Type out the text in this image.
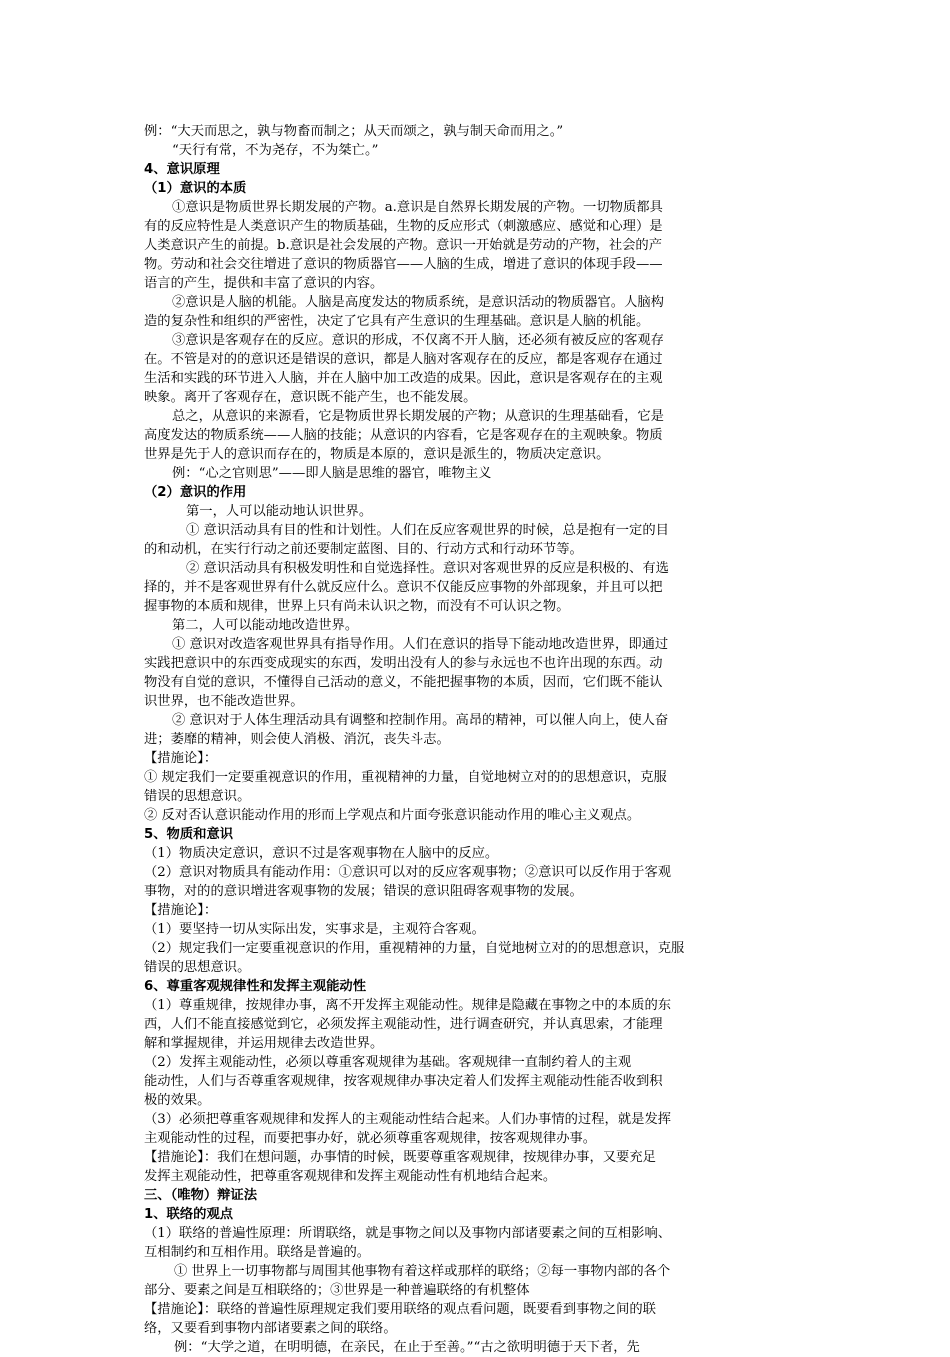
例：“大天而思之，孰与物畜而制之；从天而颂之，孰与制天命而用之。”

“天行有常，不为尧存，不为桀亡。”

4、意识原理

（1）意识的本质

①意识是物质世界长期发展的产物。a.意识是自然界长期发展的产物。一切物质都具

有的反应特性是人类意识产生的物质基础，生物的反应形式（刺激感应、感觉和心理）是

人类意识产生的前提。b.意识是社会发展的产物。意识一开始就是劳动的产物，社会的产

物。劳动和社会交往增进了意识的物质器官——人脑的生成，增进了意识的体现手段——

语言的产生，提供和丰富了意识的内容。

②意识是人脑的机能。人脑是高度发达的物质系统，是意识活动的物质器官。人脑构

造的复杂性和组织的严密性，决定了它具有产生意识的生理基础。意识是人脑的机能。

③意识是客观存在的反应。意识的形成，不仅离不开人脑，还必须有被反应的客观存

在。不管是对的的意识还是错误的意识，都是人脑对客观存在的反应，都是客观存在通过

生活和实践的环节进入人脑，并在人脑中加工改造的成果。因此，意识是客观存在的主观

映象。离开了客观存在，意识既不能产生，也不能发展。

总之，从意识的来源看，它是物质世界长期发展的产物；从意识的生理基础看，它是

高度发达的物质系统——人脑的技能；从意识的内容看，它是客观存在的主观映象。物质

世界是先于人的意识而存在的，物质是本原的，意识是派生的，物质决定意识。

例：“心之官则思”——即人脑是思维的器官，唯物主义

（2）意识的作用

第一，人可以能动地认识世界。

① 意识活动具有目的性和计划性。人们在反应客观世界的时候，总是抱有一定的目

的和动机，在实行行动之前还要制定蓝图、目的、行动方式和行动环节等。

② 意识活动具有积极发明性和自觉选择性。意识对客观世界的反应是积极的、有选

择的，并不是客观世界有什么就反应什么。意识不仅能反应事物的外部现象，并且可以把

握事物的本质和规律，世界上只有尚未认识之物，而没有不可认识之物。

第二，人可以能动地改造世界。

① 意识对改造客观世界具有指导作用。人们在意识的指导下能动地改造世界，即通过

实践把意识中的东西变成现实的东西，发明出没有人的参与永远也不也许出现的东西。动

物没有自觉的意识，不懂得自己活动的意义，不能把握事物的本质，因而，它们既不能认

识世界，也不能改造世界。

② 意识对于人体生理活动具有调整和控制作用。高昂的精神，可以催人向上，使人奋

进；萎靡的精神，则会使人消极、消沉，丧失斗志。

【措施论】：

① 规定我们一定要重视意识的作用，重视精神的力量，自觉地树立对的的思想意识，克服

错误的思想意识。

② 反对否认意识能动作用的形而上学观点和片面夸张意识能动作用的唯心主义观点。

5、物质和意识

（1）物质决定意识，意识不过是客观事物在人脑中的反应。

（2）意识对物质具有能动作用：①意识可以对的反应客观事物；②意识可以反作用于客观

事物，对的的意识增进客观事物的发展；错误的意识阻碍客观事物的发展。

【措施论】：

（1）要坚持一切从实际出发，实事求是，主观符合客观。

（2）规定我们一定要重视意识的作用，重视精神的力量，自觉地树立对的的思想意识，克服

错误的思想意识。

6、尊重客观规律性和发挥主观能动性

（1）尊重规律，按规律办事，离不开发挥主观能动性。规律是隐藏在事物之中的本质的东

西，人们不能直接感觉到它，必须发挥主观能动性，进行调查研究，并认真思索，才能理

解和掌握规律，并运用规律去改造世界。

（2）发挥主观能动性，必须以尊重客观规律为基础。客观规律一直制约着人的主观

能动性，人们与否尊重客观规律，按客观规律办事决定着人们发挥主观能动性能否收到积

极的效果。

（3）必须把尊重客观规律和发挥人的主观能动性结合起来。人们办事情的过程，就是发挥

主观能动性的过程，而要把事办好，就必须尊重客观规律，按客观规律办事。

【措施论】：我们在想问题，办事情的时候，既要尊重客观规律，按规律办事，又要充足

发挥主观能动性，把尊重客观规律和发挥主观能动性有机地结合起来。

三、（唯物）辩证法

1、联络的观点

（1）联络的普遍性原理：所谓联络，就是事物之间以及事物内部诸要素之间的互相影响、

互相制约和互相作用。联络是普遍的。

① 世界上一切事物都与周围其他事物有着这样或那样的联络；②每一事物内部的各个

部分、要素之间是互相联络的；③世界是一种普遍联络的有机整体

【措施论】：联络的普遍性原理规定我们要用联络的观点看问题，既要看到事物之间的联

络，又要看到事物内部诸要素之间的联络。

例：“大学之道，在明明德，在亲民，在止于至善。”“古之欲明明德于天下者，先
